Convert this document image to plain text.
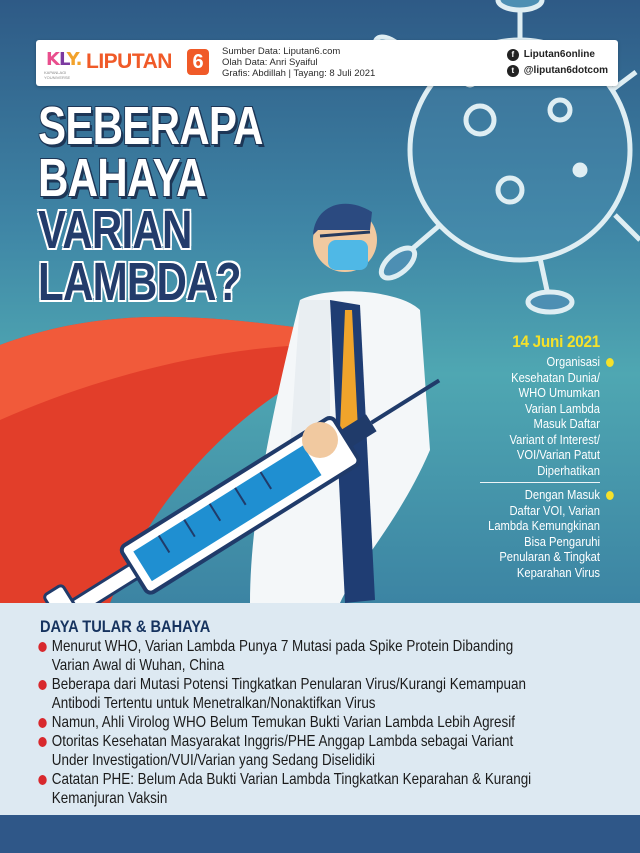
KLY.
KAPANLAGI YOUNIVERSE
LIPUTAN 6	Sumber Data: Liputan6.com
Olah Data: Anri Syaiful
Grafis: Abdillah | Tayang: 8 Juli 2021
f Liputan6online
t @liputan6dotcom
SEBERAPA
BAHAYA
VARIAN
LAMBDA?
14 Juni 2021
Organisasi
Kesehatan Dunia/
WHO Umumkan
Varian Lambda
Masuk Daftar
Variant of Interest/
VOI/Varian Patut
Diperhatikan
Dengan Masuk
Daftar VOI, Varian
Lambda Kemungkinan
Bisa Pengaruhi
Penularan & Tingkat
Keparahan Virus
DAYA TULAR & BAHAYA
Menurut WHO, Varian Lambda Punya 7 Mutasi pada Spike Protein Dibanding
Varian Awal di Wuhan, China
Beberapa dari Mutasi Potensi Tingkatkan Penularan Virus/Kurangi Kemampuan
Antibodi Tertentu untuk Menetralkan/Nonaktifkan Virus
Namun, Ahli Virolog WHO Belum Temukan Bukti Varian Lambda Lebih Agresif
Otoritas Kesehatan Masyarakat Inggris/PHE Anggap Lambda sebagai Variant
Under Investigation/VUI/Varian yang Sedang Diselidiki
Catatan PHE: Belum Ada Bukti Varian Lambda Tingkatkan Keparahan & Kurangi
Kemanjuran Vaksin
